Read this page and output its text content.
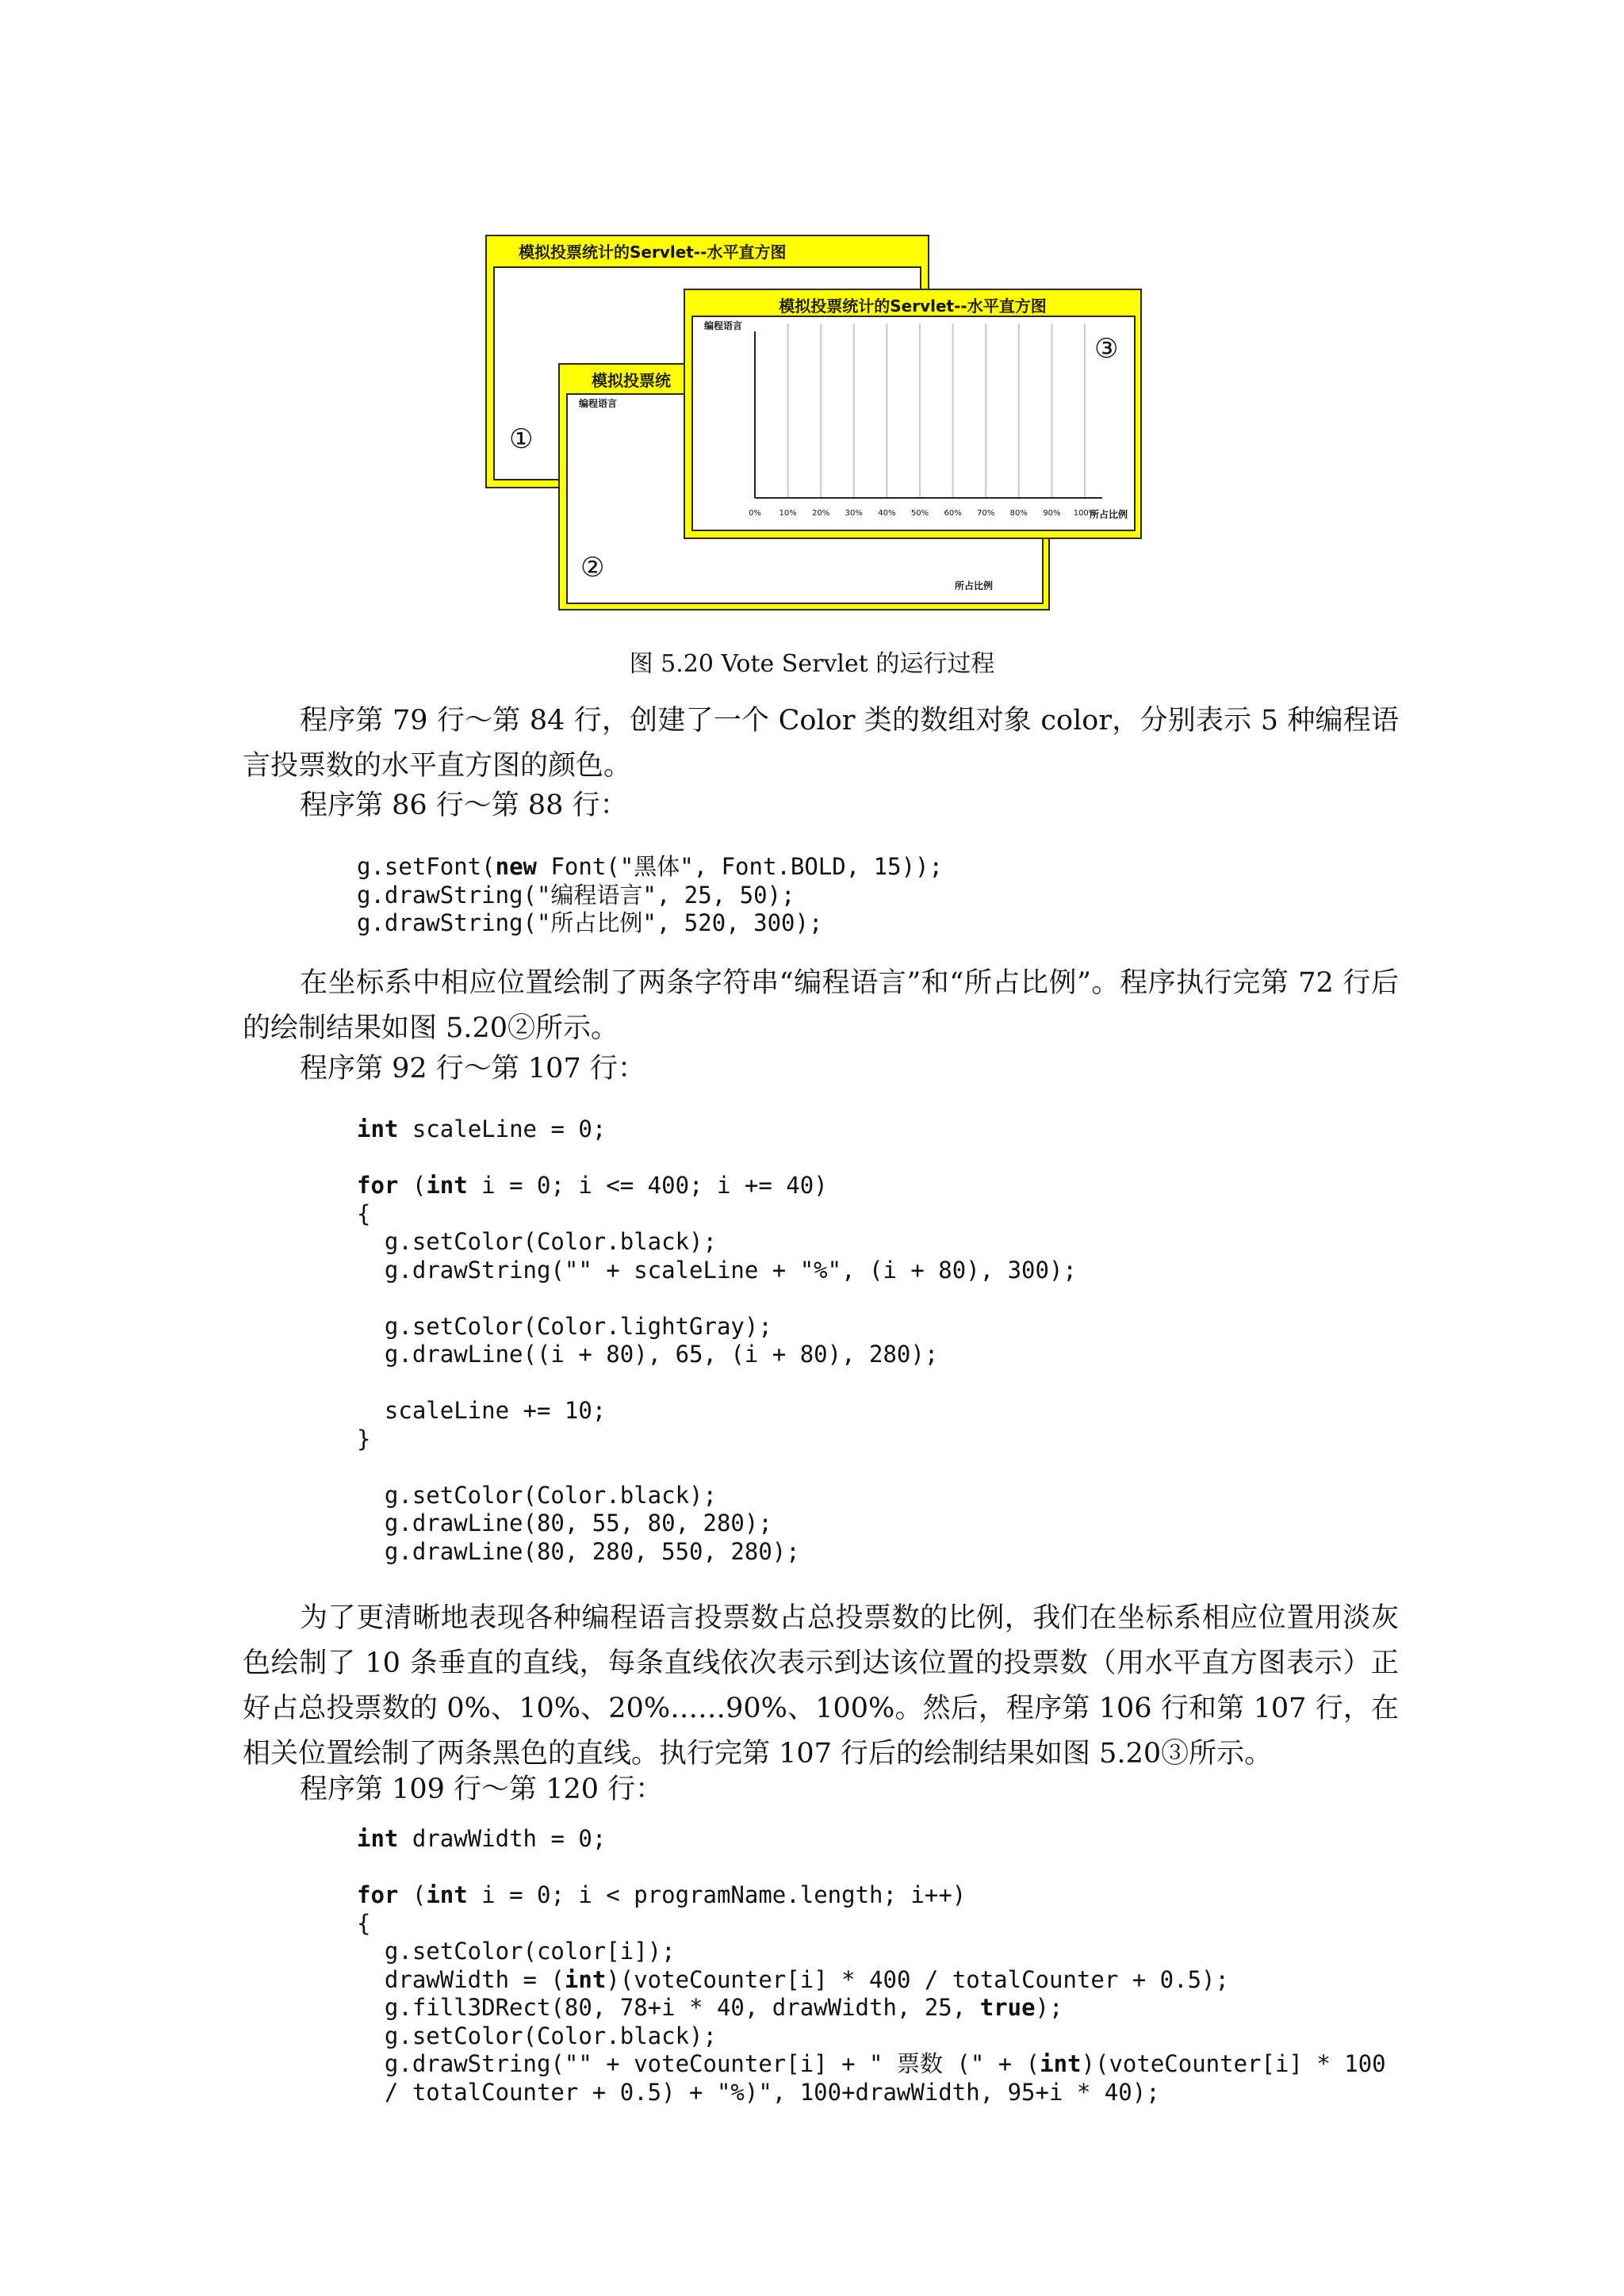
模拟投票统计的Servlet--水平直方图
①
模拟投票统
编程语言
②
所占比例
模拟投票统计的Servlet--水平直方图
编程语言
③
0% 10% 20% 30% 40% 50% 60% 70% 80% 90% 100%
所占比例
图 5.20 Vote Servlet 的运行过程
程序第 79 行～第 84 行，创建了一个 Color 类的数组对象 color，分别表示 5 种编程语言投票数的水平直方图的颜色。
程序第 86 行～第 88 行：
g.setFont(new Font("黑体", Font.BOLD, 15));
g.drawString("编程语言", 25, 50);
g.drawString("所占比例", 520, 300);
在坐标系中相应位置绘制了两条字符串“编程语言”和“所占比例”。程序执行完第 72 行后的绘制结果如图 5.20②所示。
程序第 92 行～第 107 行：
int scaleLine = 0;
for (int i = 0; i <= 400; i += 40)
{
g.setColor(Color.black);
g.drawString("" + scaleLine + "%", (i + 80), 300);
g.setColor(Color.lightGray);
g.drawLine((i + 80), 65, (i + 80), 280);
scaleLine += 10;
}
g.setColor(Color.black);
g.drawLine(80, 55, 80, 280);
g.drawLine(80, 280, 550, 280);
为了更清晰地表现各种编程语言投票数占总投票数的比例，我们在坐标系相应位置用淡灰色绘制了 10 条垂直的直线，每条直线依次表示到达该位置的投票数（用水平直方图表示）正好占总投票数的 0%、10%、20%……90%、100%。然后，程序第 106 行和第 107 行，在相关位置绘制了两条黑色的直线。执行完第 107 行后的绘制结果如图 5.20③所示。
程序第 109 行～第 120 行：
int drawWidth = 0;
for (int i = 0; i < programName.length; i++)
{
g.setColor(color[i]);
drawWidth = (int)(voteCounter[i] * 400 / totalCounter + 0.5);
g.fill3DRect(80, 78+i * 40, drawWidth, 25, true);
g.setColor(Color.black);
g.drawString("" + voteCounter[i] + " 票数 (" + (int)(voteCounter[i] * 100
/ totalCounter + 0.5) + "%)", 100+drawWidth, 95+i * 40);
